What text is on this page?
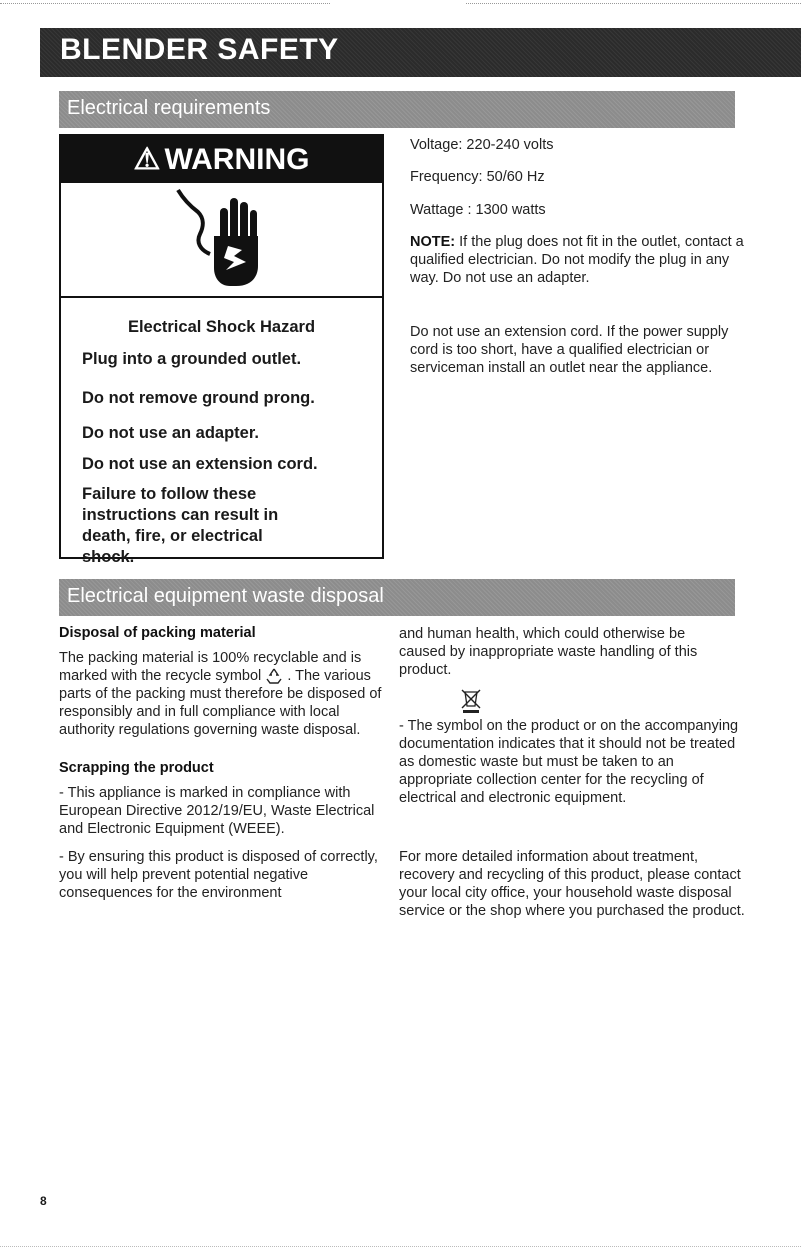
BLENDER SAFETY
Electrical requirements
⚠ WARNING
Electrical Shock Hazard
Plug into a grounded outlet.
Do not remove ground prong.
Do not use an adapter.
Do not use an extension cord.
Failure to follow these instructions can result in death, fire, or electrical shock.
Voltage: 220-240 volts
Frequency: 50/60 Hz
Wattage : 1300 watts
NOTE: If the plug does not fit in the outlet, contact a qualified electrician. Do not modify the plug in any way. Do not use an adapter.
Do not use an extension cord. If the power supply cord is too short, have a qualified electrician or serviceman install an outlet near the appliance.
Electrical equipment waste disposal
Disposal of packing material
The packing material is 100% recyclable and is marked with the recycle symbol  . The various parts of the packing must therefore be disposed of responsibly and in full compliance with local authority regulations governing waste disposal.
Scrapping the product
- This appliance is marked in compliance with European Directive 2012/19/EU, Waste Electrical and Electronic Equipment (WEEE).
- By ensuring this product is disposed of correctly, you will help prevent potential negative consequences for the environment
and human health, which could otherwise be caused by inappropriate waste handling of this product.
- The symbol on the product or on the accompanying documentation indicates that it should not be treated as domestic waste but must be taken to an appropriate collection center for the recycling of electrical and electronic equipment.
For more detailed information about treatment, recovery and recycling of this product, please contact your local city office, your household waste disposal service or the shop where you purchased the product.
8
